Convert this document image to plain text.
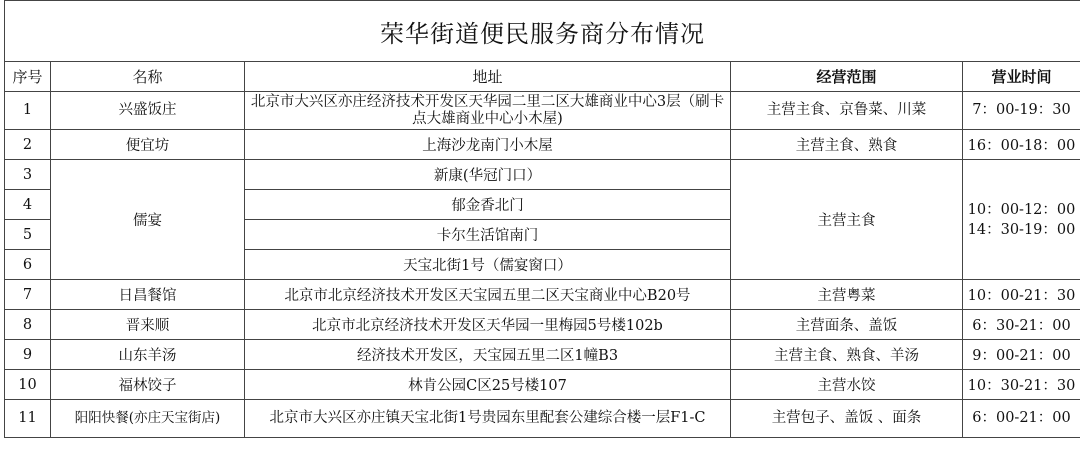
荣华街道便民服务商分布情况				
序号	名称	地址	经营范围	营业时间
1	兴盛饭庄	北京市大兴区亦庄经济技术开发区天华园二里二区大雄商业中心3层（刷卡点大雄商业中心小木屋)	主营主食、京鲁菜、川菜	7：00-19：30
2	便宜坊	上海沙龙南门小木屋	主营主食、熟食	16：00-18：00
3	儒宴	新康(华冠门口）	主营主食	10：00-12：00
14：30-19：00
4		郁金香北门		
5		卡尔生活馆南门		
6		天宝北街1号（儒宴窗口）		
7	日昌餐馆	北京市北京经济技术开发区天宝园五里二区天宝商业中心B20号	主营粤菜	10：00-21：30
8	晋来顺	北京市北京经济技术开发区天华园一里梅园5号楼102b	主营面条、盖饭	6：30-21：00
9	山东羊汤	经济技术开发区，天宝园五里二区1幢B3	主营主食、熟食、羊汤	9：00-21：00
10	福林饺子	林肯公园C区25号楼107	主营水饺	10：30-21：30
11	阳阳快餐(亦庄天宝街店)	北京市大兴区亦庄镇天宝北街1号贵园东里配套公建综合楼一层F1-C	主营包子、盖饭 、面条	6：00-21：00
